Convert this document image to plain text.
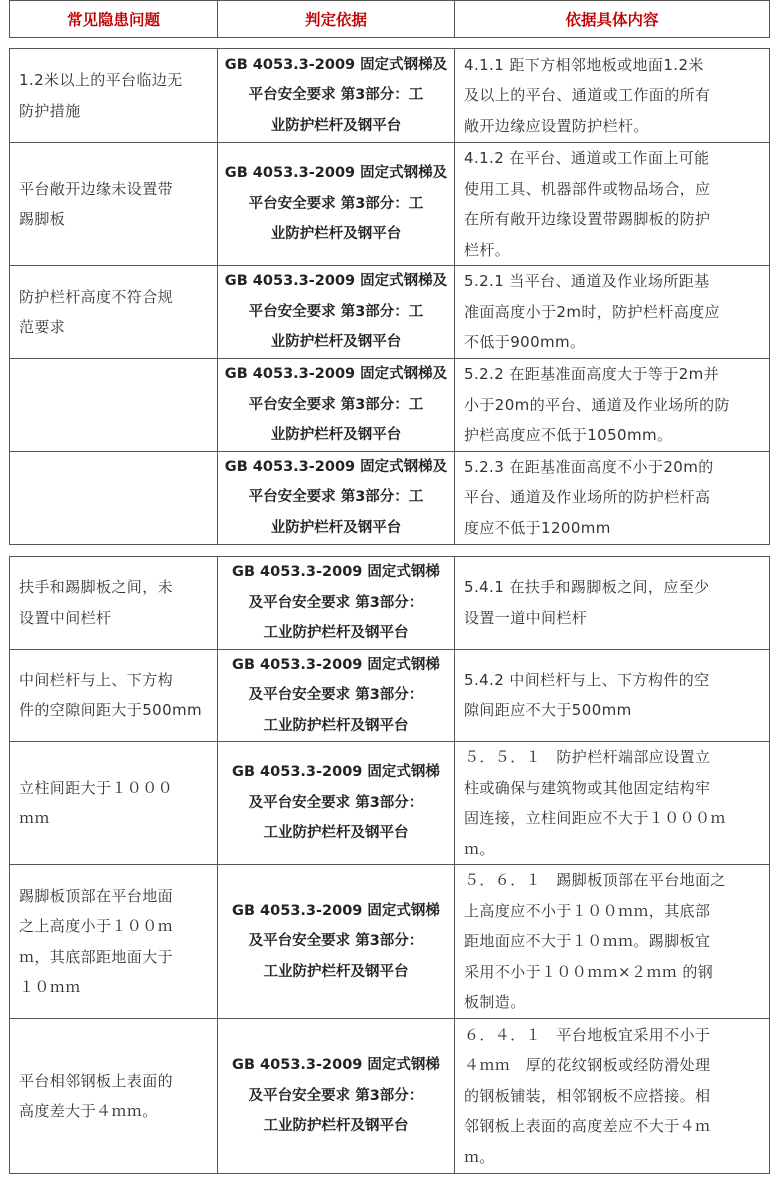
常见隐患问题	判定依据	依据具体内容
1.2米以上的平台临边无
防护措施	GB 4053.3-2009 固定式钢梯及
平台安全要求 第3部分：工
业防护栏杆及钢平台	4.1.1 距下方相邻地板或地面1.2米
及以上的平台、通道或工作面的所有
敞开边缘应设置防护栏杆。

平台敞开边缘未设置带
踢脚板	GB 4053.3-2009 固定式钢梯及
平台安全要求 第3部分：工
业防护栏杆及钢平台	4.1.2 在平台、通道或工作面上可能
使用工具、机器部件或物品场合，应
在所有敞开边缘设置带踢脚板的防护
栏杆。

防护栏杆高度不符合规
范要求	GB 4053.3-2009 固定式钢梯及
平台安全要求 第3部分：工
业防护栏杆及钢平台	5.2.1 当平台、通道及作业场所距基
准面高度小于2m时，防护栏杆高度应
不低于900mm。

	GB 4053.3-2009 固定式钢梯及
平台安全要求 第3部分：工
业防护栏杆及钢平台	5.2.2 在距基准面高度大于等于2m并
小于20m的平台、通道及作业场所的防
护栏高度应不低于1050mm。

	GB 4053.3-2009 固定式钢梯及
平台安全要求 第3部分：工
业防护栏杆及钢平台	5.2.3 在距基准面高度不小于20m的
平台、通道及作业场所的防护栏杆高
度应不低于1200mm
扶手和踢脚板之间，未
设置中间栏杆	GB 4053.3-2009 固定式钢梯
及平台安全要求 第3部分：
工业防护栏杆及钢平台	5.4.1 在扶手和踢脚板之间，应至少
设置一道中间栏杆

中间栏杆与上、下方构
件的空隙间距大于500mm	GB 4053.3-2009 固定式钢梯
及平台安全要求 第3部分：
工业防护栏杆及钢平台	5.4.2 中间栏杆与上、下方构件的空
隙间距应不大于500mm

立柱间距大于１０００
ｍｍ	GB 4053.3-2009 固定式钢梯
及平台安全要求 第3部分：
工业防护栏杆及钢平台	５．５．１　防护栏杆端部应设置立
柱或确保与建筑物或其他固定结构牢
固连接，立柱间距应不大于１０００ｍ
ｍ。

踢脚板顶部在平台地面
之上高度小于１００ｍ
ｍ，其底部距地面大于
１０ｍｍ	GB 4053.3-2009 固定式钢梯
及平台安全要求 第3部分：
工业防护栏杆及钢平台	５．６．１　踢脚板顶部在平台地面之
上高度应不小于１００ｍｍ，其底部
距地面应不大于１０ｍｍ。踢脚板宜
采用不小于１００ｍｍ×２ｍｍ 的钢
板制造。

平台相邻钢板上表面的
高度差大于４ｍｍ。	GB 4053.3-2009 固定式钢梯
及平台安全要求 第3部分：
工业防护栏杆及钢平台	６．４．１　平台地板宜采用不小于
４ｍｍ　厚的花纹钢板或经防滑处理
的钢板铺装，相邻钢板不应搭接。相
邻钢板上表面的高度差应不大于４ｍ
ｍ。
